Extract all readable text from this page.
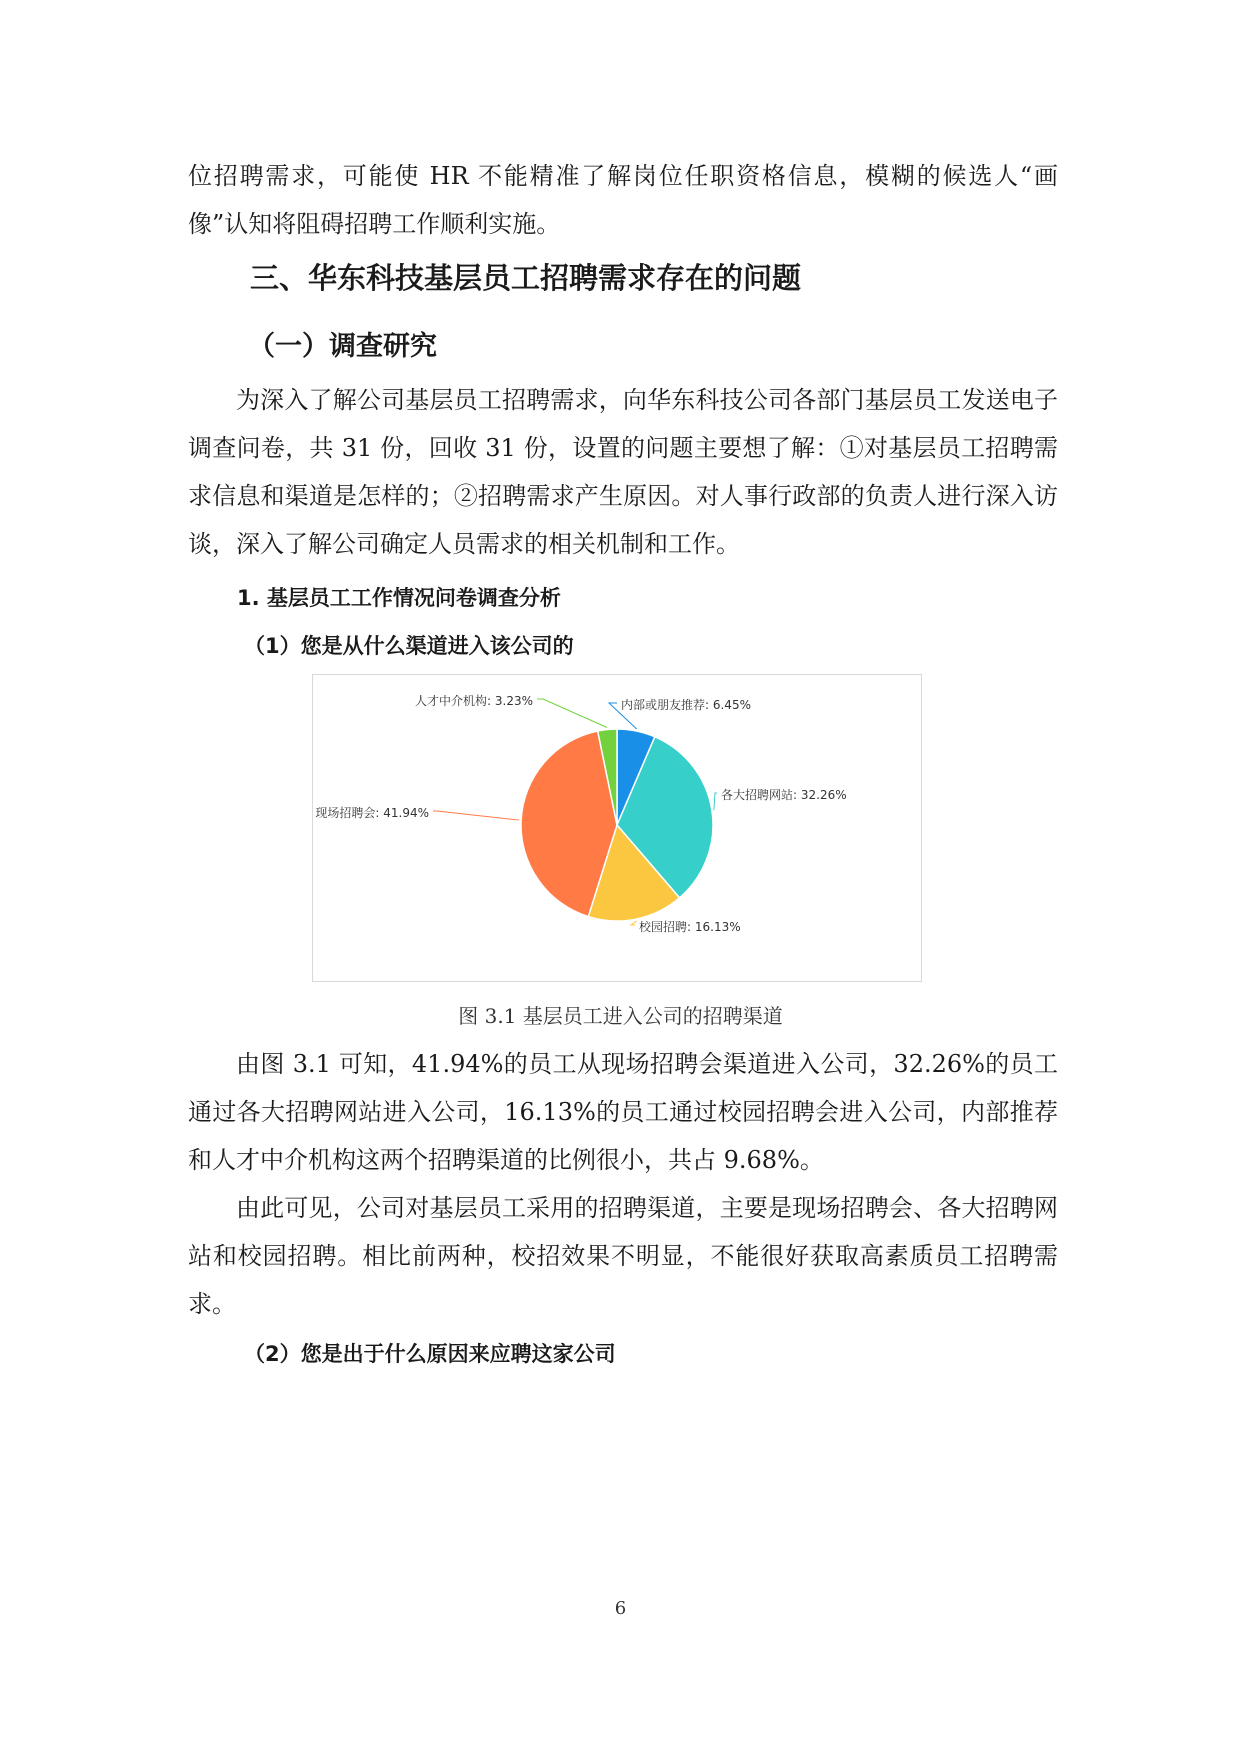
位招聘需求，可能使 HR 不能精准了解岗位任职资格信息，模糊的候选人“画像”认知将阻碍招聘工作顺利实施。

三、华东科技基层员工招聘需求存在的问题
（一）调查研究

为深入了解公司基层员工招聘需求，向华东科技公司各部门基层员工发送电子调查问卷，共 31 份，回收 31 份，设置的问题主要想了解：①对基层员工招聘需求信息和渠道是怎样的；②招聘需求产生原因。对人事行政部的负责人进行深入访谈，深入了解公司确定人员需求的相关机制和工作。

1. 基层员工工作情况问卷调查分析
（1）您是从什么渠道进入该公司的
内部或朋友推荐: 6.45%
各大招聘网站: 32.26%
校园招聘: 16.13%
现场招聘会: 41.94%
人才中介机构: 3.23%

图 3.1 基层员工进入公司的招聘渠道

由图 3.1 可知，41.94%的员工从现场招聘会渠道进入公司，32.26%的员工通过各大招聘网站进入公司，16.13%的员工通过校园招聘会进入公司，内部推荐和人才中介机构这两个招聘渠道的比例很小，共占 9.68%。

由此可见，公司对基层员工采用的招聘渠道，主要是现场招聘会、各大招聘网站和校园招聘。相比前两种，校招效果不明显，不能很好获取高素质员工招聘需求。

（2）您是出于什么原因来应聘这家公司

6
